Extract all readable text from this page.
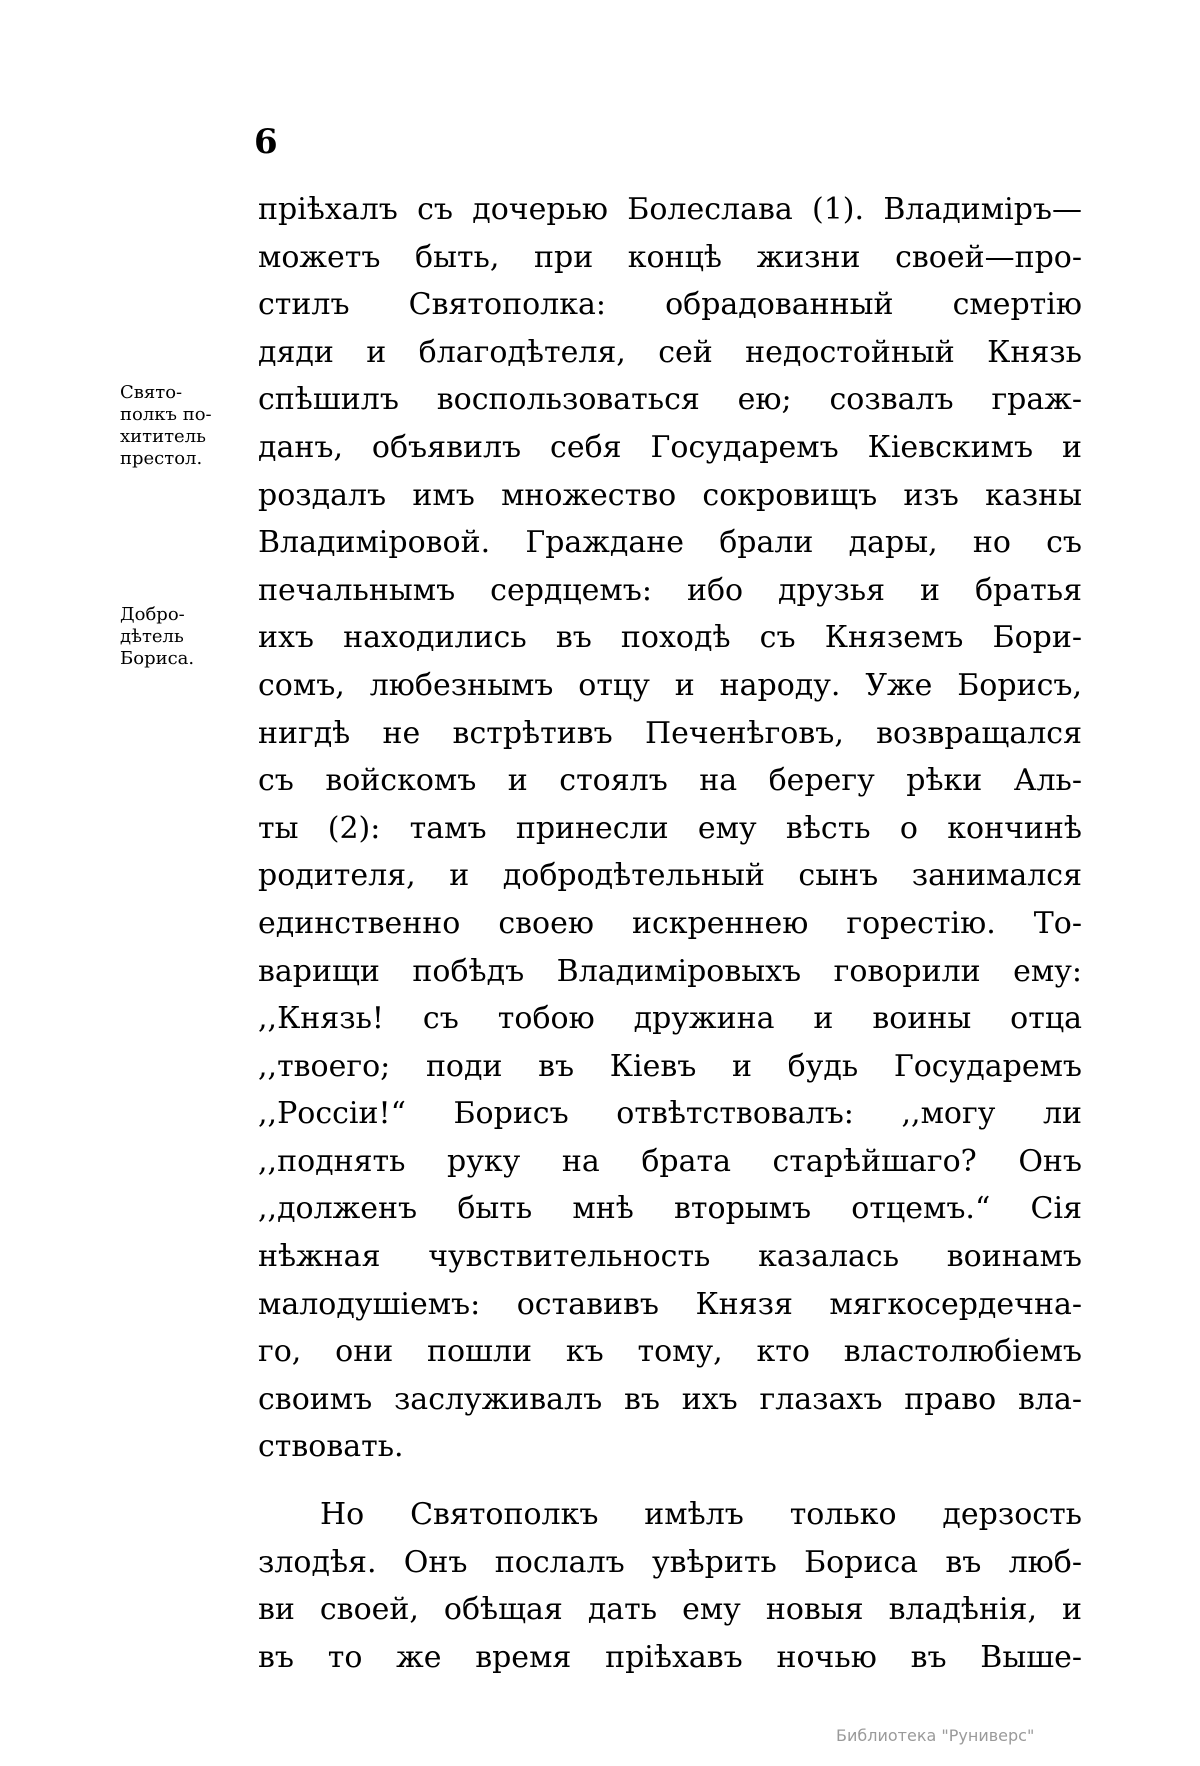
6
Свято-
полкъ по-
хититель
престол.
Добро-
дѣтель
Бориса.
пріѣхалъ съ дочерью Болеслава (1). Владиміръ—
можетъ быть, при концѣ жизни своей—про-
стилъ Святополка: обрадованный смертію
дяди и благодѣтеля, сей недостойный Князь
спѣшилъ воспользоваться ею; созвалъ граж-
данъ, объявилъ себя Государемъ Кіевскимъ и
роздалъ имъ множество сокровищъ изъ казны
Владиміровой. Граждане брали дары, но съ
печальнымъ сердцемъ: ибо друзья и братья
ихъ находились въ походѣ съ Княземъ Бори-
сомъ, любезнымъ отцу и народу. Уже Борисъ,
нигдѣ не встрѣтивъ Печенѣговъ, возвращался
съ войскомъ и стоялъ на берегу рѣки Аль-
ты (2): тамъ принесли ему вѣсть о кончинѣ
родителя, и добродѣтельный сынъ занимался
единственно своею искреннею горестію. То-
варищи побѣдъ Владиміровыхъ говорили ему:
,,Князь! съ тобою дружина и воины отца
,,твоего; поди въ Кіевъ и будь Государемъ
,,Россіи!“ Борисъ отвѣтствовалъ: ,,могу ли
,,поднять руку на брата старѣйшаго? Онъ
,,долженъ быть мнѣ вторымъ отцемъ.“ Сія
нѣжная чувствительность казалась воинамъ
малодушіемъ: оставивъ Князя мягкосердечна-
го, они пошли къ тому, кто властолюбіемъ
своимъ заслуживалъ въ ихъ глазахъ право вла-
ствовать.
Но Святополкъ имѣлъ только дерзость
злодѣя. Онъ послалъ увѣрить Бориса въ люб-
ви своей, обѣщая дать ему новыя владѣнія, и
въ то же время пріѣхавъ ночью въ Выше-
Библиотека "Руниверс"
